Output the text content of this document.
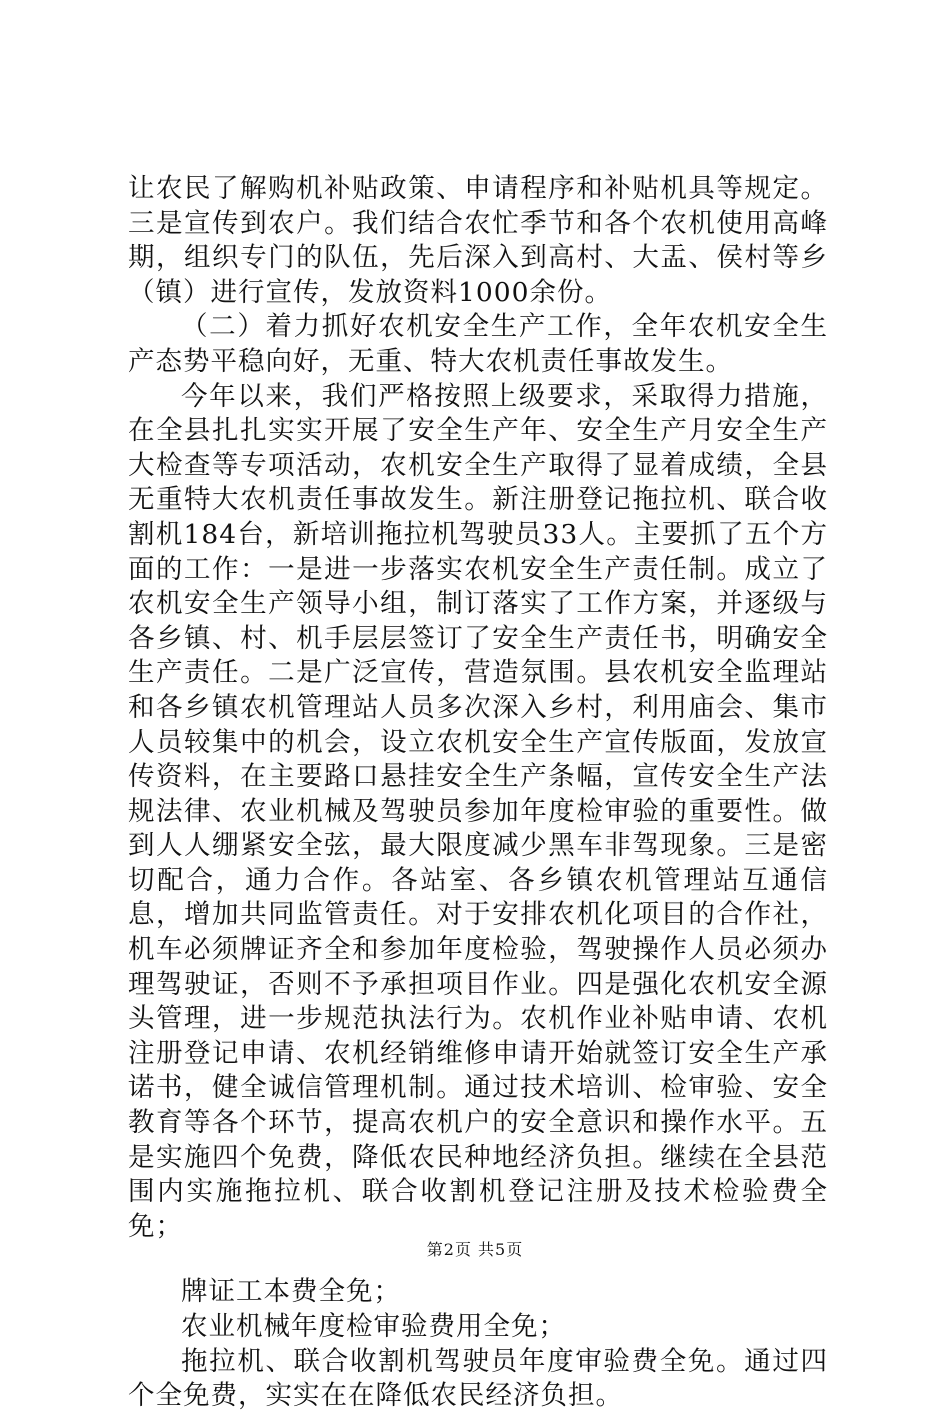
让农民了解购机补贴政策、申请程序和补贴机具等规定。三是宣传到农户。我们结合农忙季节和各个农机使用高峰期，组织专门的队伍，先后深入到高村、大盂、侯村等乡（镇）进行宣传，发放资料1000余份。

（二）着力抓好农机安全生产工作，全年农机安全生产态势平稳向好，无重、特大农机责任事故发生。

今年以来，我们严格按照上级要求，采取得力措施，在全县扎扎实实开展了安全生产年、安全生产月安全生产大检查等专项活动，农机安全生产取得了显着成绩，全县无重特大农机责任事故发生。新注册登记拖拉机、联合收割机184台，新培训拖拉机驾驶员33人。主要抓了五个方面的工作：一是进一步落实农机安全生产责任制。成立了农机安全生产领导小组，制订落实了工作方案，并逐级与各乡镇、村、机手层层签订了安全生产责任书，明确安全生产责任。二是广泛宣传，营造氛围。县农机安全监理站和各乡镇农机管理站人员多次深入乡村，利用庙会、集市人员较集中的机会，设立农机安全生产宣传版面，发放宣传资料，在主要路口悬挂安全生产条幅，宣传安全生产法规法律、农业机械及驾驶员参加年度检审验的重要性。做到人人绷紧安全弦，最大限度减少黑车非驾现象。三是密切配合，通力合作。各站室、各乡镇农机管理站互通信息，增加共同监管责任。对于安排农机化项目的合作社，机车必须牌证齐全和参加年度检验，驾驶操作人员必须办理驾驶证，否则不予承担项目作业。四是强化农机安全源头管理，进一步规范执法行为。农机作业补贴申请、农机注册登记申请、农机经销维修申请开始就签订安全生产承诺书，健全诚信管理机制。通过技术培训、检审验、安全教育等各个环节，提高农机户的安全意识和操作水平。五是实施四个免费，降低农民种地经济负担。继续在全县范围内实施拖拉机、联合收割机登记注册及技术检验费全免；

牌证工本费全免；

农业机械年度检审验费用全免；

拖拉机、联合收割机驾驶员年度审验费全免。通过四个全免费，实实在在降低农民经济负担。

第2页 共5页
